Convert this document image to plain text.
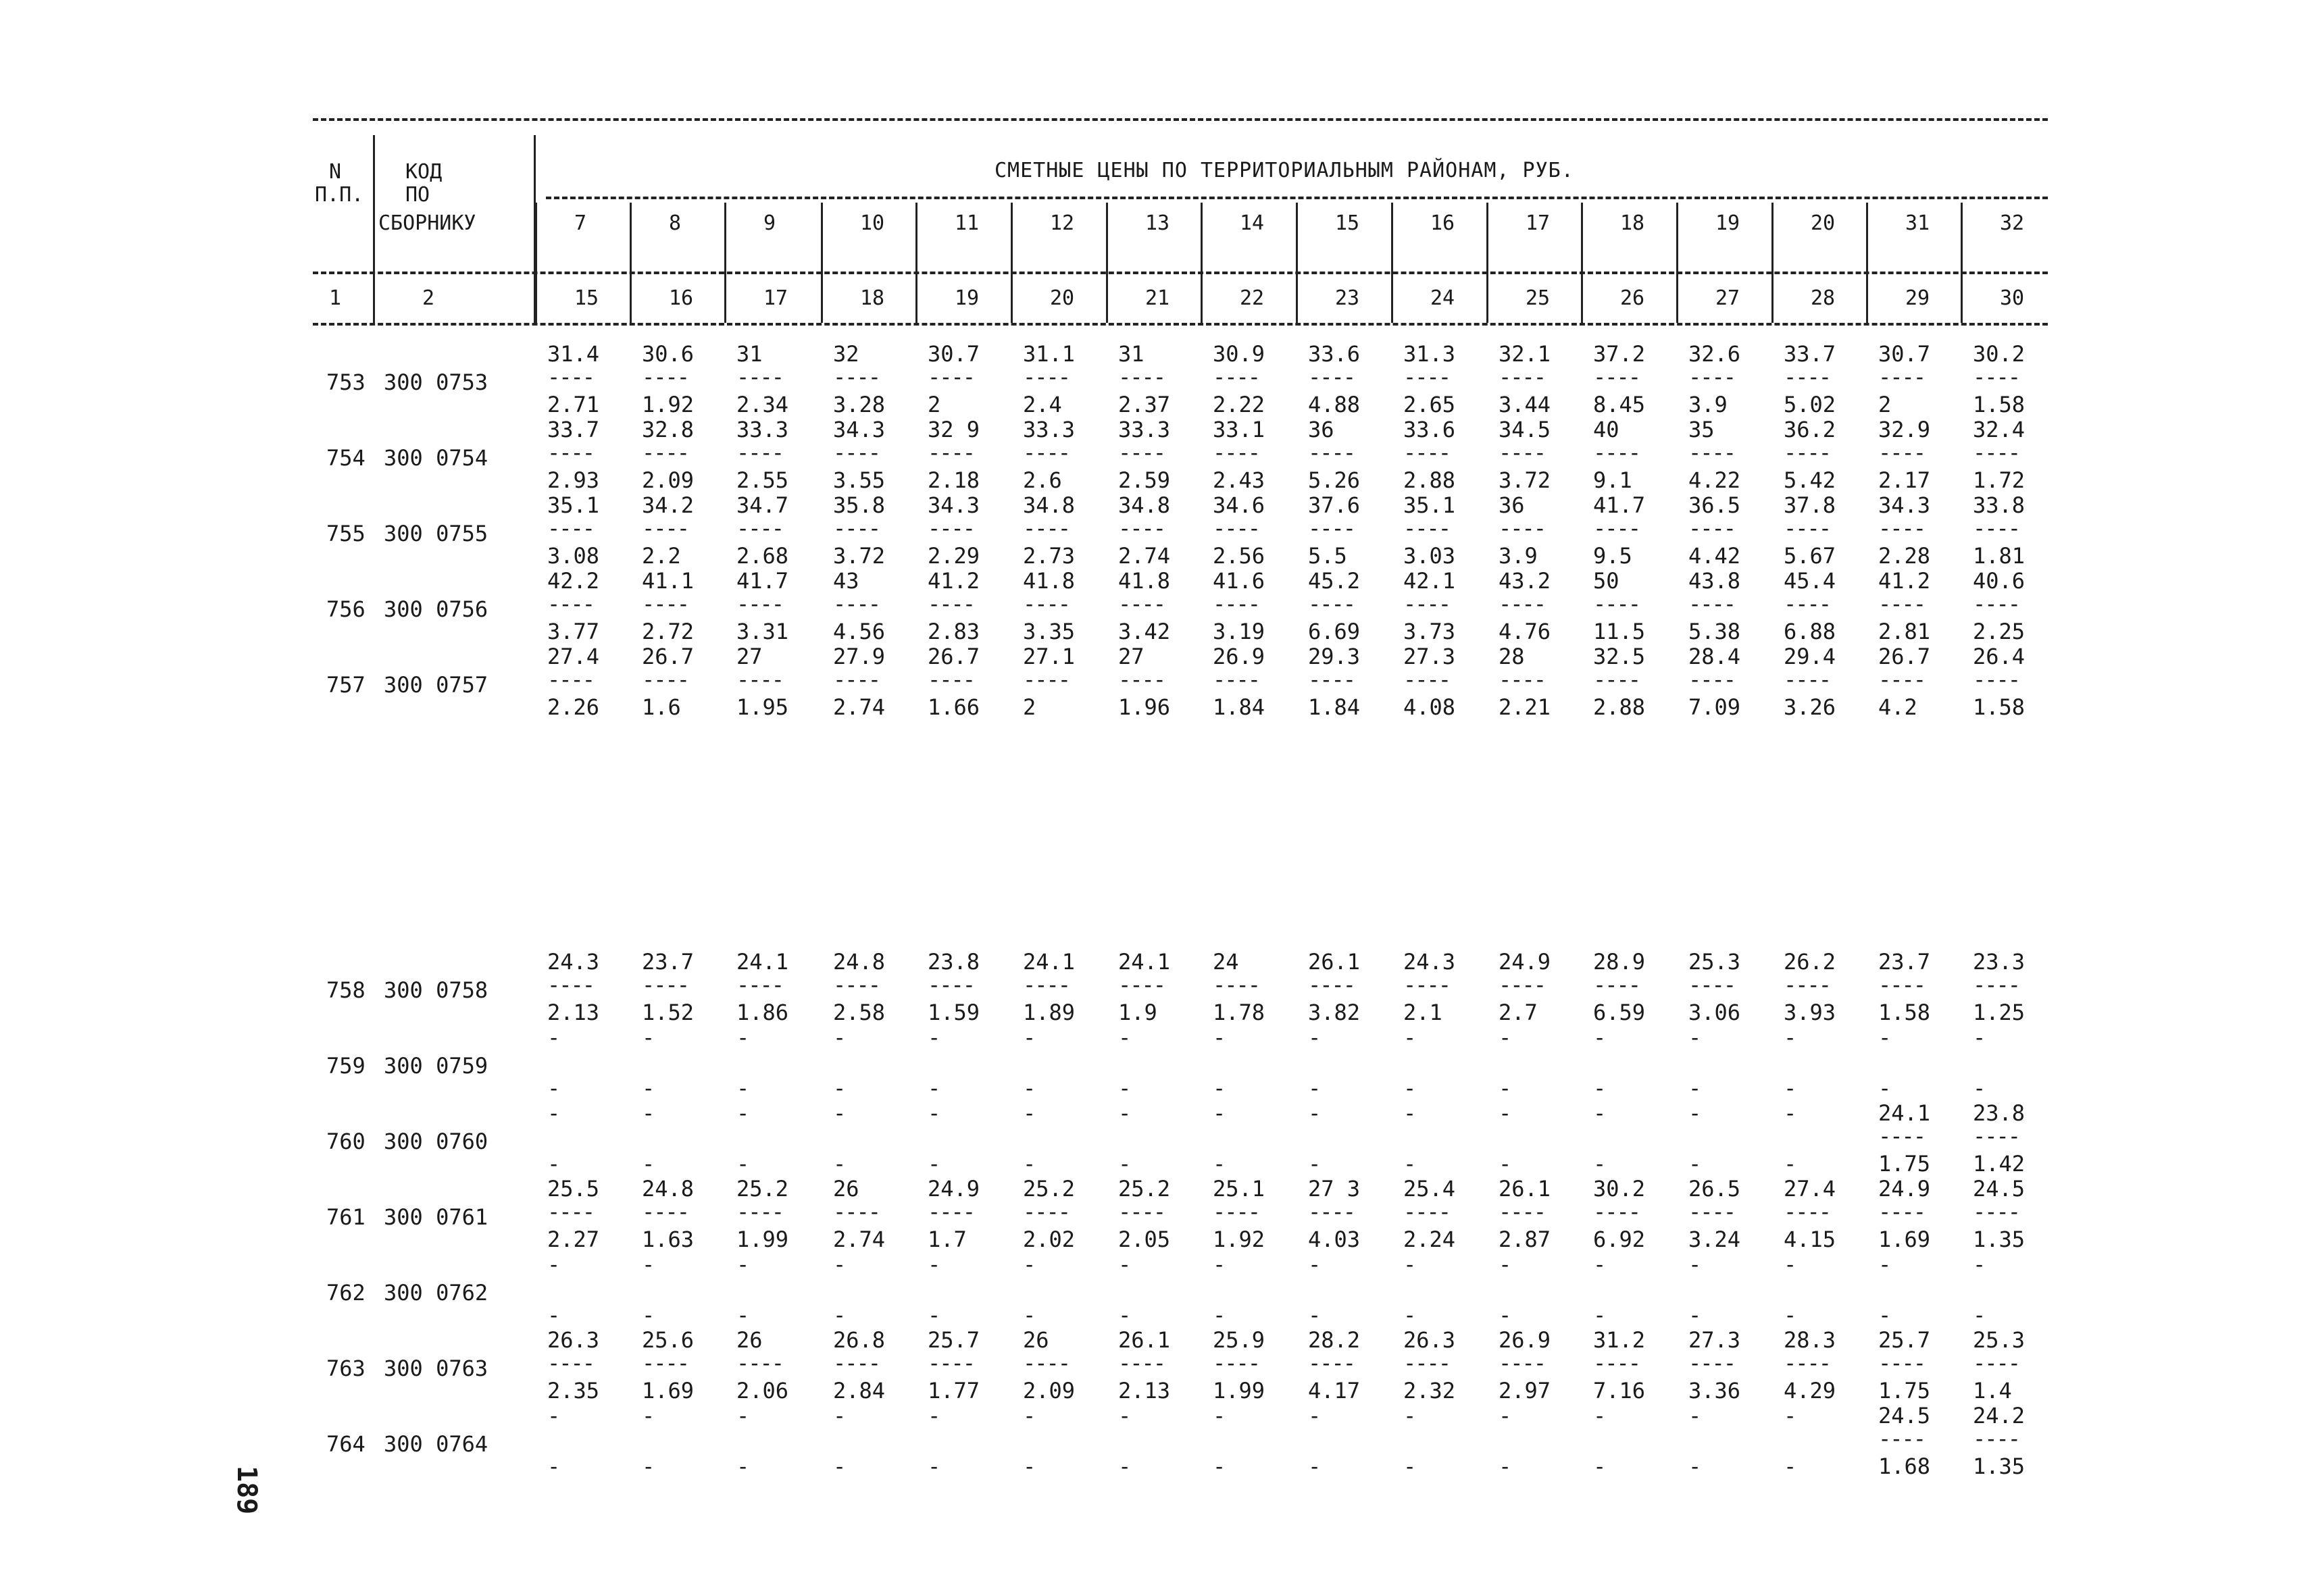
N
П.П.
КОД
ПО
СБОРНИКУ
СМЕТНЫЕ ЦЕНЫ ПО ТЕРРИТОРИАЛЬНЫМ РАЙОНАМ, РУБ.
1	2
7
15
8
16
9
17
10
18
11
19
12
20
13
21
14
22
15
23
16
24
17
25
18
26
19
27
20
28
31
29
32
30
753 300 0753
31.4
----
2.71
30.6
----
1.92
31
----
2.34
32
----
3.28
30.7
----
2
31.1
----
2.4
31
----
2.37
30.9
----
2.22
33.6
----
4.88
31.3
----
2.65
32.1
----
3.44
37.2
----
8.45
32.6
----
3.9
33.7
----
5.02
30.7
----
2
30.2
----
1.58
754 300 0754
33.7
----
2.93
32.8
----
2.09
33.3
----
2.55
34.3
----
3.55
32 9
----
2.18
33.3
----
2.6
33.3
----
2.59
33.1
----
2.43
36
----
5.26
33.6
----
2.88
34.5
----
3.72
40
----
9.1
35
----
4.22
36.2
----
5.42
32.9
----
2.17
32.4
----
1.72
755 300 0755
35.1
----
3.08
34.2
----
2.2
34.7
----
2.68
35.8
----
3.72
34.3
----
2.29
34.8
----
2.73
34.8
----
2.74
34.6
----
2.56
37.6
----
5.5
35.1
----
3.03
36
----
3.9
41.7
----
9.5
36.5
----
4.42
37.8
----
5.67
34.3
----
2.28
33.8
----
1.81
756 300 0756
42.2
----
3.77
41.1
----
2.72
41.7
----
3.31
43
----
4.56
41.2
----
2.83
41.8
----
3.35
41.8
----
3.42
41.6
----
3.19
45.2
----
6.69
42.1
----
3.73
43.2
----
4.76
50
----
11.5
43.8
----
5.38
45.4
----
6.88
41.2
----
2.81
40.6
----
2.25
757 300 0757
27.4
----
2.26
26.7
----
1.6
27
----
1.95
27.9
----
2.74
26.7
----
1.66
27.1
----
2
27
----
1.96
26.9
----
1.84
29.3
----
1.84
27.3
----
4.08
28
----
2.21
32.5
----
2.88
28.4
----
7.09
29.4
----
3.26
26.7
----
4.2
26.4
----
1.58
758 300 0758
24.3
----
2.13
23.7
----
1.52
24.1
----
1.86
24.8
----
2.58
23.8
----
1.59
24.1
----
1.89
24.1
----
1.9
24
----
1.78
26.1
----
3.82
24.3
----
2.1
24.9
----
2.7
28.9
----
6.59
25.3
----
3.06
26.2
----
3.93
23.7
----
1.58
23.3
----
1.25
759 300 0759
-
-
-
-
-
-
-
-
-
-
-
-
-
-
-
-
-
-
-
-
-
-
-
-
-
-
-
-
-
-
-
-
760 300 0760
-
-
-
-
-
-
-
-
-
-
-
-
-
-
-
-
-
-
-
-
-
-
-
-
-
-
-
-
24.1
----
1.75
23.8
----
1.42
761 300 0761
25.5
----
2.27
24.8
----
1.63
25.2
----
1.99
26
----
2.74
24.9
----
1.7
25.2
----
2.02
25.2
----
2.05
25.1
----
1.92
27 3
----
4.03
25.4
----
2.24
26.1
----
2.87
30.2
----
6.92
26.5
----
3.24
27.4
----
4.15
24.9
----
1.69
24.5
----
1.35
762 300 0762
-
-
-
-
-
-
-
-
-
-
-
-
-
-
-
-
-
-
-
-
-
-
-
-
-
-
-
-
-
-
-
-
763 300 0763
26.3
----
2.35
25.6
----
1.69
26
----
2.06
26.8
----
2.84
25.7
----
1.77
26
----
2.09
26.1
----
2.13
25.9
----
1.99
28.2
----
4.17
26.3
----
2.32
26.9
----
2.97
31.2
----
7.16
27.3
----
3.36
28.3
----
4.29
25.7
----
1.75
25.3
----
1.4
764 300 0764
-
-
-
-
-
-
-
-
-
-
-
-
-
-
-
-
-
-
-
-
-
-
-
-
-
-
-
-
24.5
----
1.68
24.2
----
1.35
189
